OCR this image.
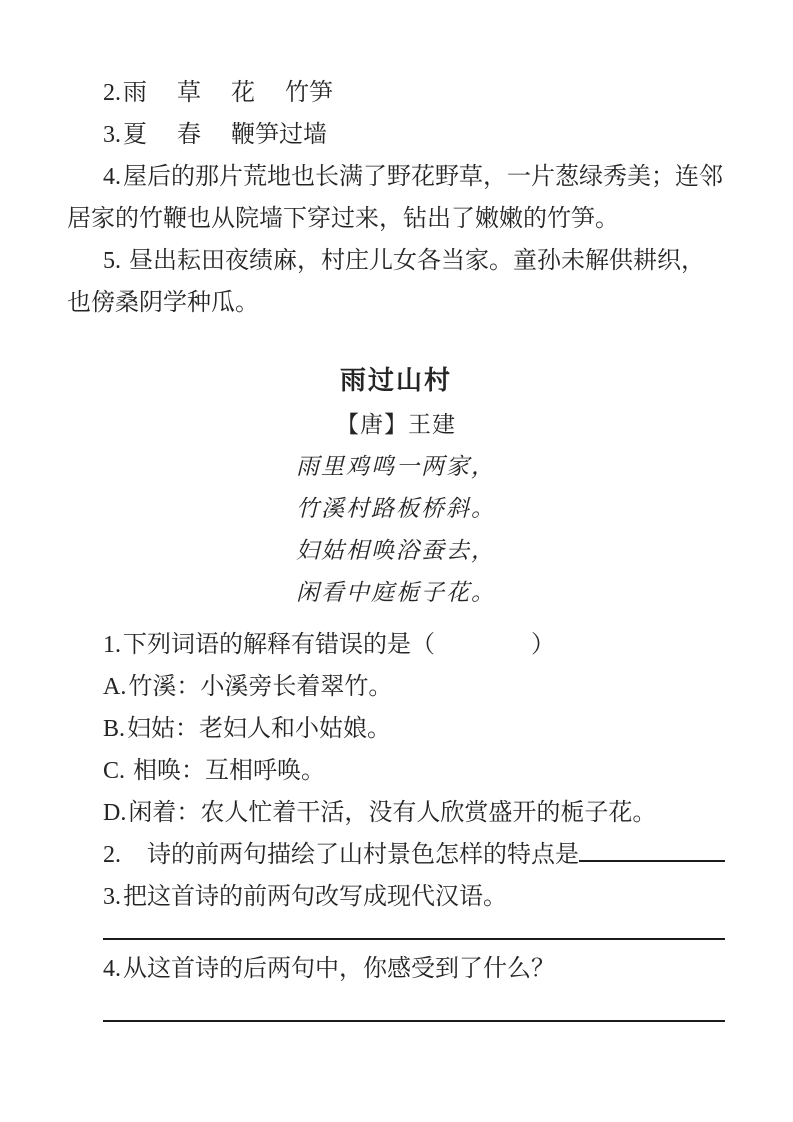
2.雨　 草　 花　 竹笋

3.夏　 春　 鞭笋过墙

4.屋后的那片荒地也长满了野花野草，一片葱绿秀美；连邻居家的竹鞭也从院墙下穿过来，钻出了嫩嫩的竹笋。

5. 昼出耘田夜绩麻，村庄儿女各当家。童孙未解供耕织，也傍桑阴学种瓜。

雨过山村
【唐】王建
雨里鸡鸣一两家，
竹溪村路板桥斜。
妇姑相唤浴蚕去，
闲看中庭栀子花。

1.下列词语的解释有错误的是（　　　　）

A.竹溪：小溪旁长着翠竹。

B.妇姑：老妇人和小姑娘。

C. 相唤：互相呼唤。

D.闲着：农人忙着干活，没有人欣赏盛开的栀子花。

2.　诗的前两句描绘了山村景色怎样的特点是

3.把这首诗的前两句改写成现代汉语。

4.从这首诗的后两句中，你感受到了什么？
